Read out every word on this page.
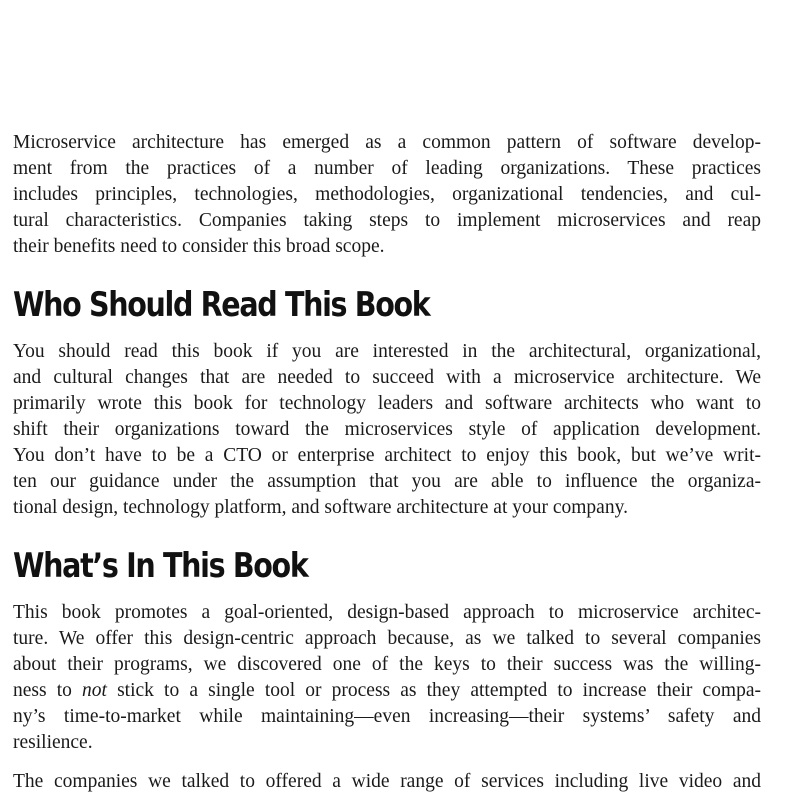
Microservice architecture has emerged as a common pattern of software develop-

ment from the practices of a number of leading organizations. These practices

includes principles, technologies, methodologies, organizational tendencies, and cul-

tural characteristics. Companies taking steps to implement microservices and reap

their benefits need to consider this broad scope.

Who Should Read This Book

You should read this book if you are interested in the architectural, organizational,

and cultural changes that are needed to succeed with a microservice architecture. We

primarily wrote this book for technology leaders and software architects who want to

shift their organizations toward the microservices style of application development.

You don’t have to be a CTO or enterprise architect to enjoy this book, but we’ve writ-

ten our guidance under the assumption that you are able to influence the organiza-

tional design, technology platform, and software architecture at your company.

What’s In This Book

This book promotes a goal-oriented, design-based approach to microservice architec-

ture. We offer this design-centric approach because, as we talked to several companies

about their programs, we discovered one of the keys to their success was the willing-

ness to not stick to a single tool or process as they attempted to increase their compa-

ny’s time-to-market while maintaining—even increasing—their systems’ safety and

resilience.

The companies we talked to offered a wide range of services including live video and
